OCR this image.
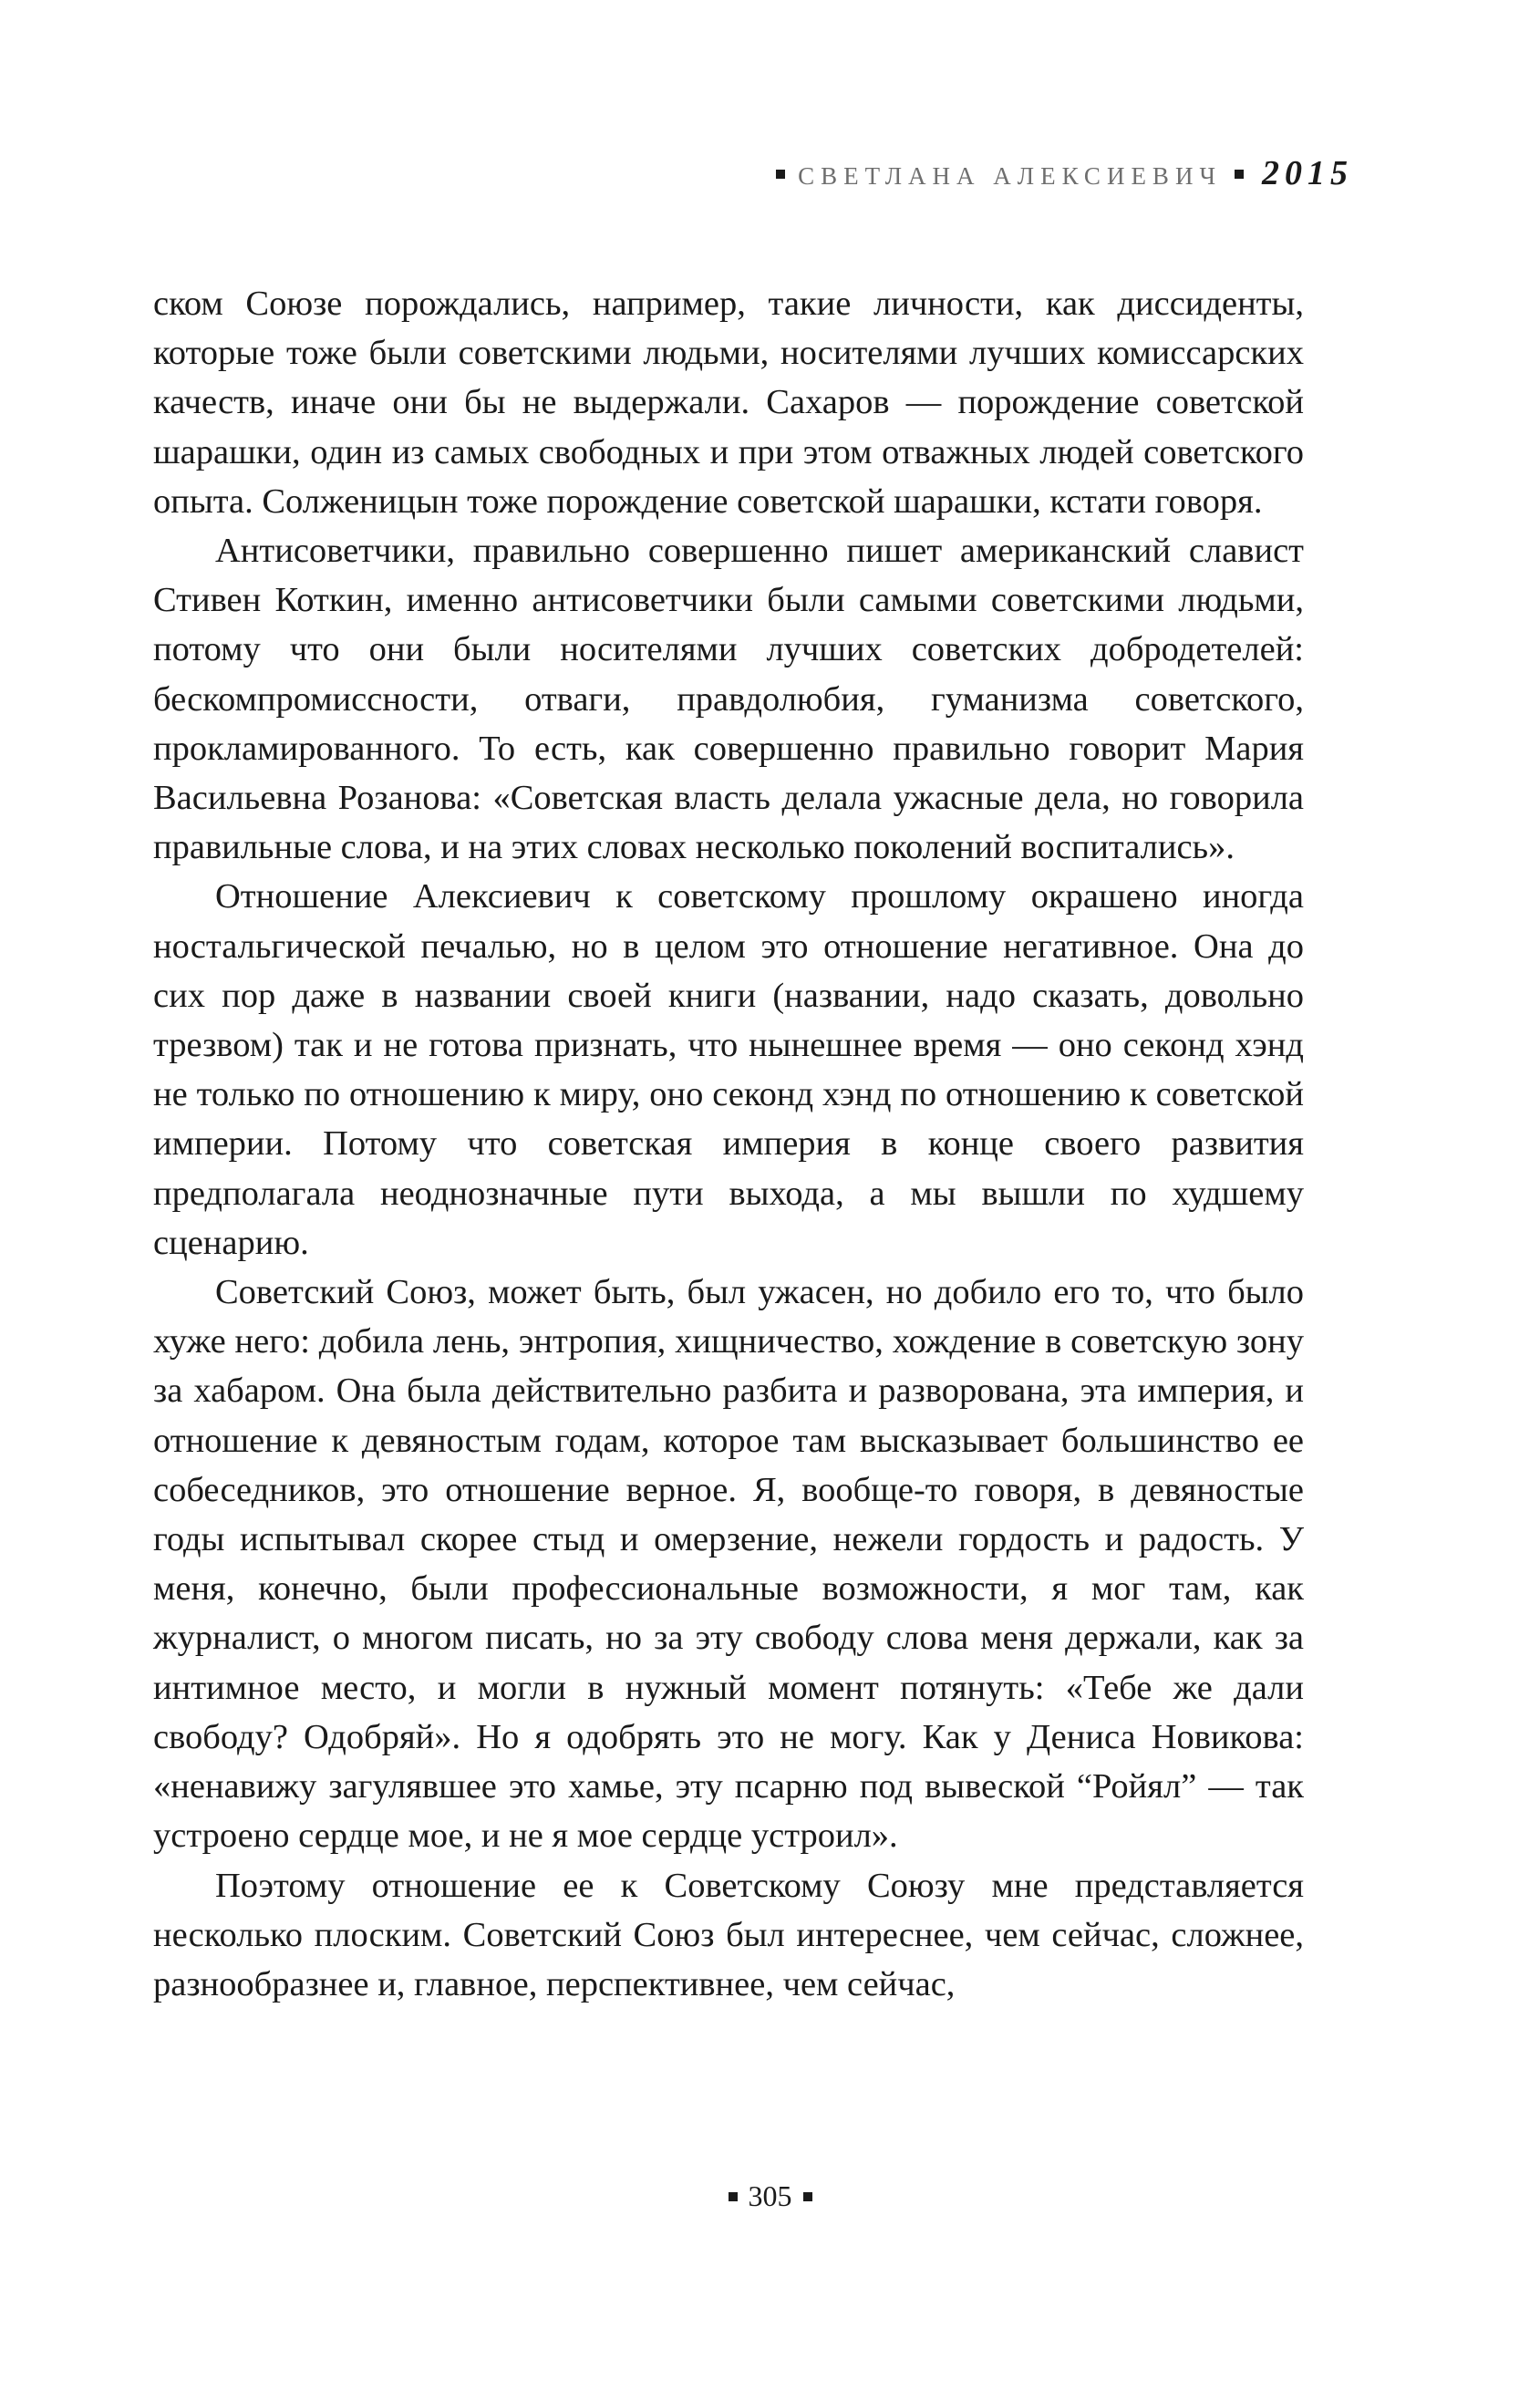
СВЕТЛАНА АЛЕКСИЕВИЧ 2015

ском Союзе порождались, например, такие личности, как диссиденты, которые тоже были советскими людьми, носителями лучших комиссарских качеств, иначе они бы не выдержали. Сахаров — порождение советской шарашки, один из самых свободных и при этом отважных людей советского опыта. Солженицын тоже порождение советской шарашки, кстати говоря.

Антисоветчики, правильно совершенно пишет американский славист Стивен Коткин, именно антисоветчики были самыми советскими людьми, потому что они были носителями лучших советских добродетелей: бескомпромиссности, отваги, правдолюбия, гуманизма советского, прокламированного. То есть, как совершенно правильно говорит Мария Васильевна Розанова: «Советская власть делала ужасные дела, но говорила правильные слова, и на этих словах несколько поколений воспитались».

Отношение Алексиевич к советскому прошлому окрашено иногда ностальгической печалью, но в целом это отношение негативное. Она до сих пор даже в названии своей книги (названии, надо сказать, довольно трезвом) так и не готова признать, что нынешнее время — оно секонд хэнд не только по отношению к миру, оно секонд хэнд по отношению к советской империи. Потому что советская империя в конце своего развития предполагала неоднозначные пути выхода, а мы вышли по худшему сценарию.

Советский Союз, может быть, был ужасен, но добило его то, что было хуже него: добила лень, энтропия, хищничество, хождение в советскую зону за хабаром. Она была действительно разбита и разворована, эта империя, и отношение к девяностым годам, которое там высказывает большинство ее собеседников, это отношение верное. Я, вообще-то говоря, в девяностые годы испытывал скорее стыд и омерзение, нежели гордость и радость. У меня, конечно, были профессиональные возможности, я мог там, как журналист, о многом писать, но за эту свободу слова меня держали, как за интимное место, и могли в нужный момент потянуть: «Тебе же дали свободу? Одобряй». Но я одобрять это не могу. Как у Дениса Новикова: «ненавижу загулявшее это хамье, эту псарню под вывеской “Ройял” — так устроено сердце мое, и не я мое сердце устроил».

Поэтому отношение ее к Советскому Союзу мне представляется несколько плоским. Советский Союз был интереснее, чем сейчас, сложнее, разнообразнее и, главное, перспективнее, чем сейчас,

305
